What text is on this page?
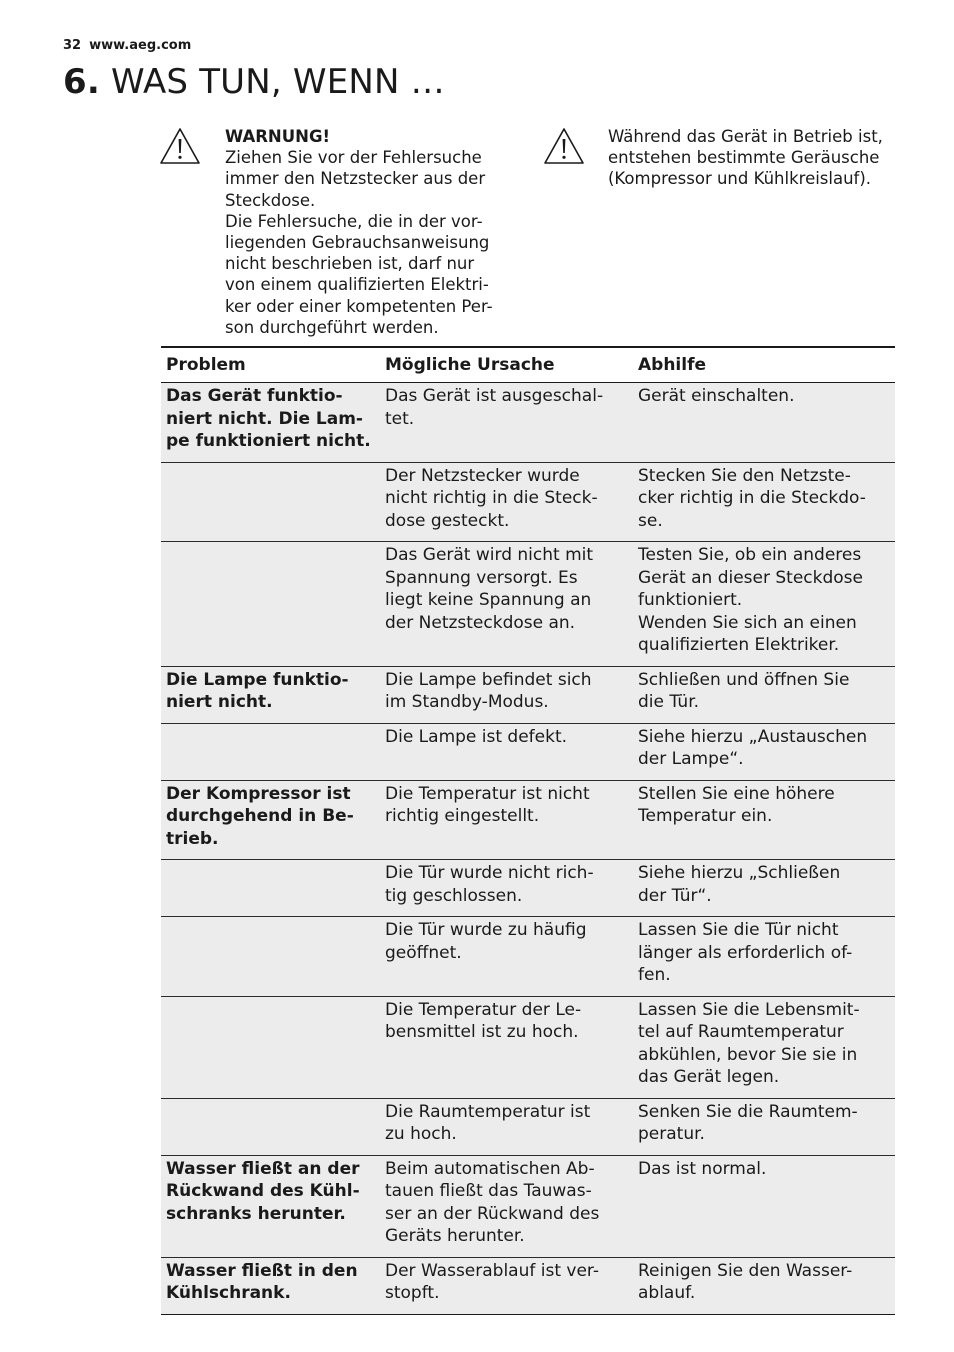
32 www.aeg.com
6. WAS TUN, WENN …
WARNUNG!
Ziehen Sie vor der Fehlersuche
immer den Netzstecker aus der
Steckdose.
Die Fehlersuche, die in der vor-
liegenden Gebrauchsanweisung
nicht beschrieben ist, darf nur
von einem qualifizierten Elektri-
ker oder einer kompetenten Per-
son durchgeführt werden.
Während das Gerät in Betrieb ist,
entstehen bestimmte Geräusche
(Kompressor und Kühlkreislauf).
Problem	Mögliche Ursache	Abhilfe

Das Gerät funktio-
niert nicht. Die Lam-
pe funktioniert nicht.	Das Gerät ist ausgeschal-
tet.	Gerät einschalten.

	Der Netzstecker wurde
nicht richtig in die Steck-
dose gesteckt.	Stecken Sie den Netzste-
cker richtig in die Steckdo-
se.

	Das Gerät wird nicht mit
Spannung versorgt. Es
liegt keine Spannung an
der Netzsteckdose an.	Testen Sie, ob ein anderes
Gerät an dieser Steckdose
funktioniert.
Wenden Sie sich an einen
qualifizierten Elektriker.

Die Lampe funktio-
niert nicht.	Die Lampe befindet sich
im Standby-Modus.	Schließen und öffnen Sie
die Tür.

	Die Lampe ist defekt.	Siehe hierzu „Austauschen
der Lampe“.

Der Kompressor ist
durchgehend in Be-
trieb.	Die Temperatur ist nicht
richtig eingestellt.	Stellen Sie eine höhere
Temperatur ein.

	Die Tür wurde nicht rich-
tig geschlossen.	Siehe hierzu „Schließen
der Tür“.

	Die Tür wurde zu häufig
geöffnet.	Lassen Sie die Tür nicht
länger als erforderlich of-
fen.

	Die Temperatur der Le-
bensmittel ist zu hoch.	Lassen Sie die Lebensmit-
tel auf Raumtemperatur
abkühlen, bevor Sie sie in
das Gerät legen.

	Die Raumtemperatur ist
zu hoch.	Senken Sie die Raumtem-
peratur.

Wasser fließt an der
Rückwand des Kühl-
schranks herunter.	Beim automatischen Ab-
tauen fließt das Tauwas-
ser an der Rückwand des
Geräts herunter.	Das ist normal.

Wasser fließt in den
Kühlschrank.	Der Wasserablauf ist ver-
stopft.	Reinigen Sie den Wasser-
ablauf.
